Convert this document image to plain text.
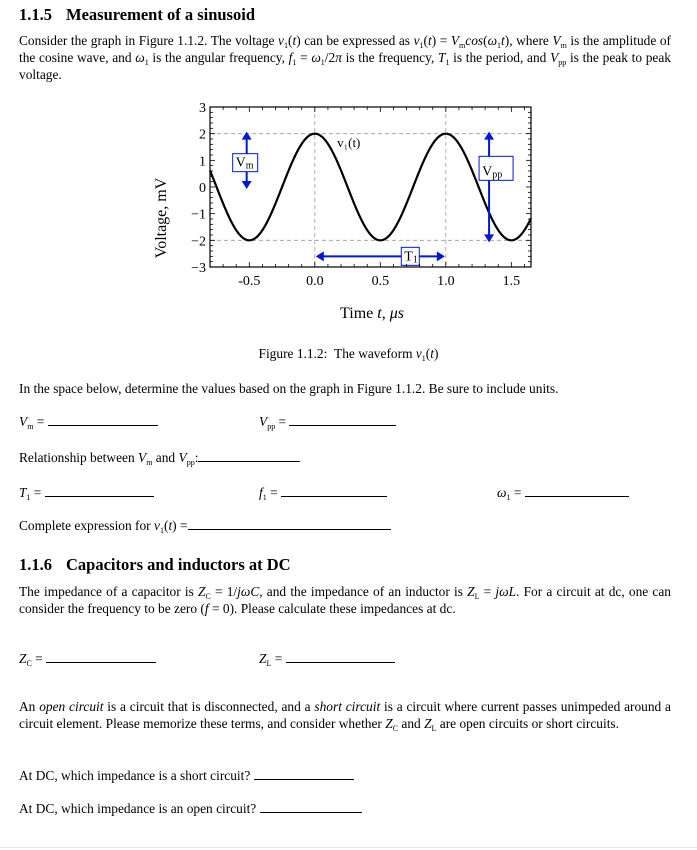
1.1.5 Measurement of a sinusoid
Consider the graph in Figure 1.1.2. The voltage $v_1(t)$ can be expressed as $v_1(t) = V_m\cos(\omega_1t)$, where $V_m$ is the amplitude of the cosine wave, and $\omega_1$ is the angular frequency, $f_1 = \omega_1/2\pi$ is the frequency, $T_1$ is the period, and $V_{pp}$ is the peak to peak voltage.
Vm	Vpp
T1
v₁(t)
-0.5	0.0	0.5	1.0	1.5
3
2
1
0
−1
−2
−3
Voltage, mV
Time t, μs
Figure 1.1.2: The waveform $v_1(t)$
In the space below, determine the values based on the graph in Figure 1.1.2. Be sure to include units.
$V_m$ =	$V_{pp}$ =
Relationship between $V_m$ and $V_{pp}$:
$T_1$ =	$f_1$ =	$\omega_1$ =
Complete expression for $v_1(t)$ =
1.1.6 Capacitors and inductors at DC
The impedance of a capacitor is $Z_C = 1/j\omega C$, and the impedance of an inductor is $Z_L = j\omega L$. For a circuit at dc, one can consider the frequency to be zero (f = 0). Please calculate these impedances at dc.
$Z_C$ =	$Z_L$ =
An open circuit is a circuit that is disconnected, and a short circuit is a circuit where current passes unimpeded around a circuit element. Please memorize these terms, and consider whether $Z_C$ and $Z_L$ are open circuits or short circuits.
At DC, which impedance is a short circuit?
At DC, which impedance is an open circuit?
